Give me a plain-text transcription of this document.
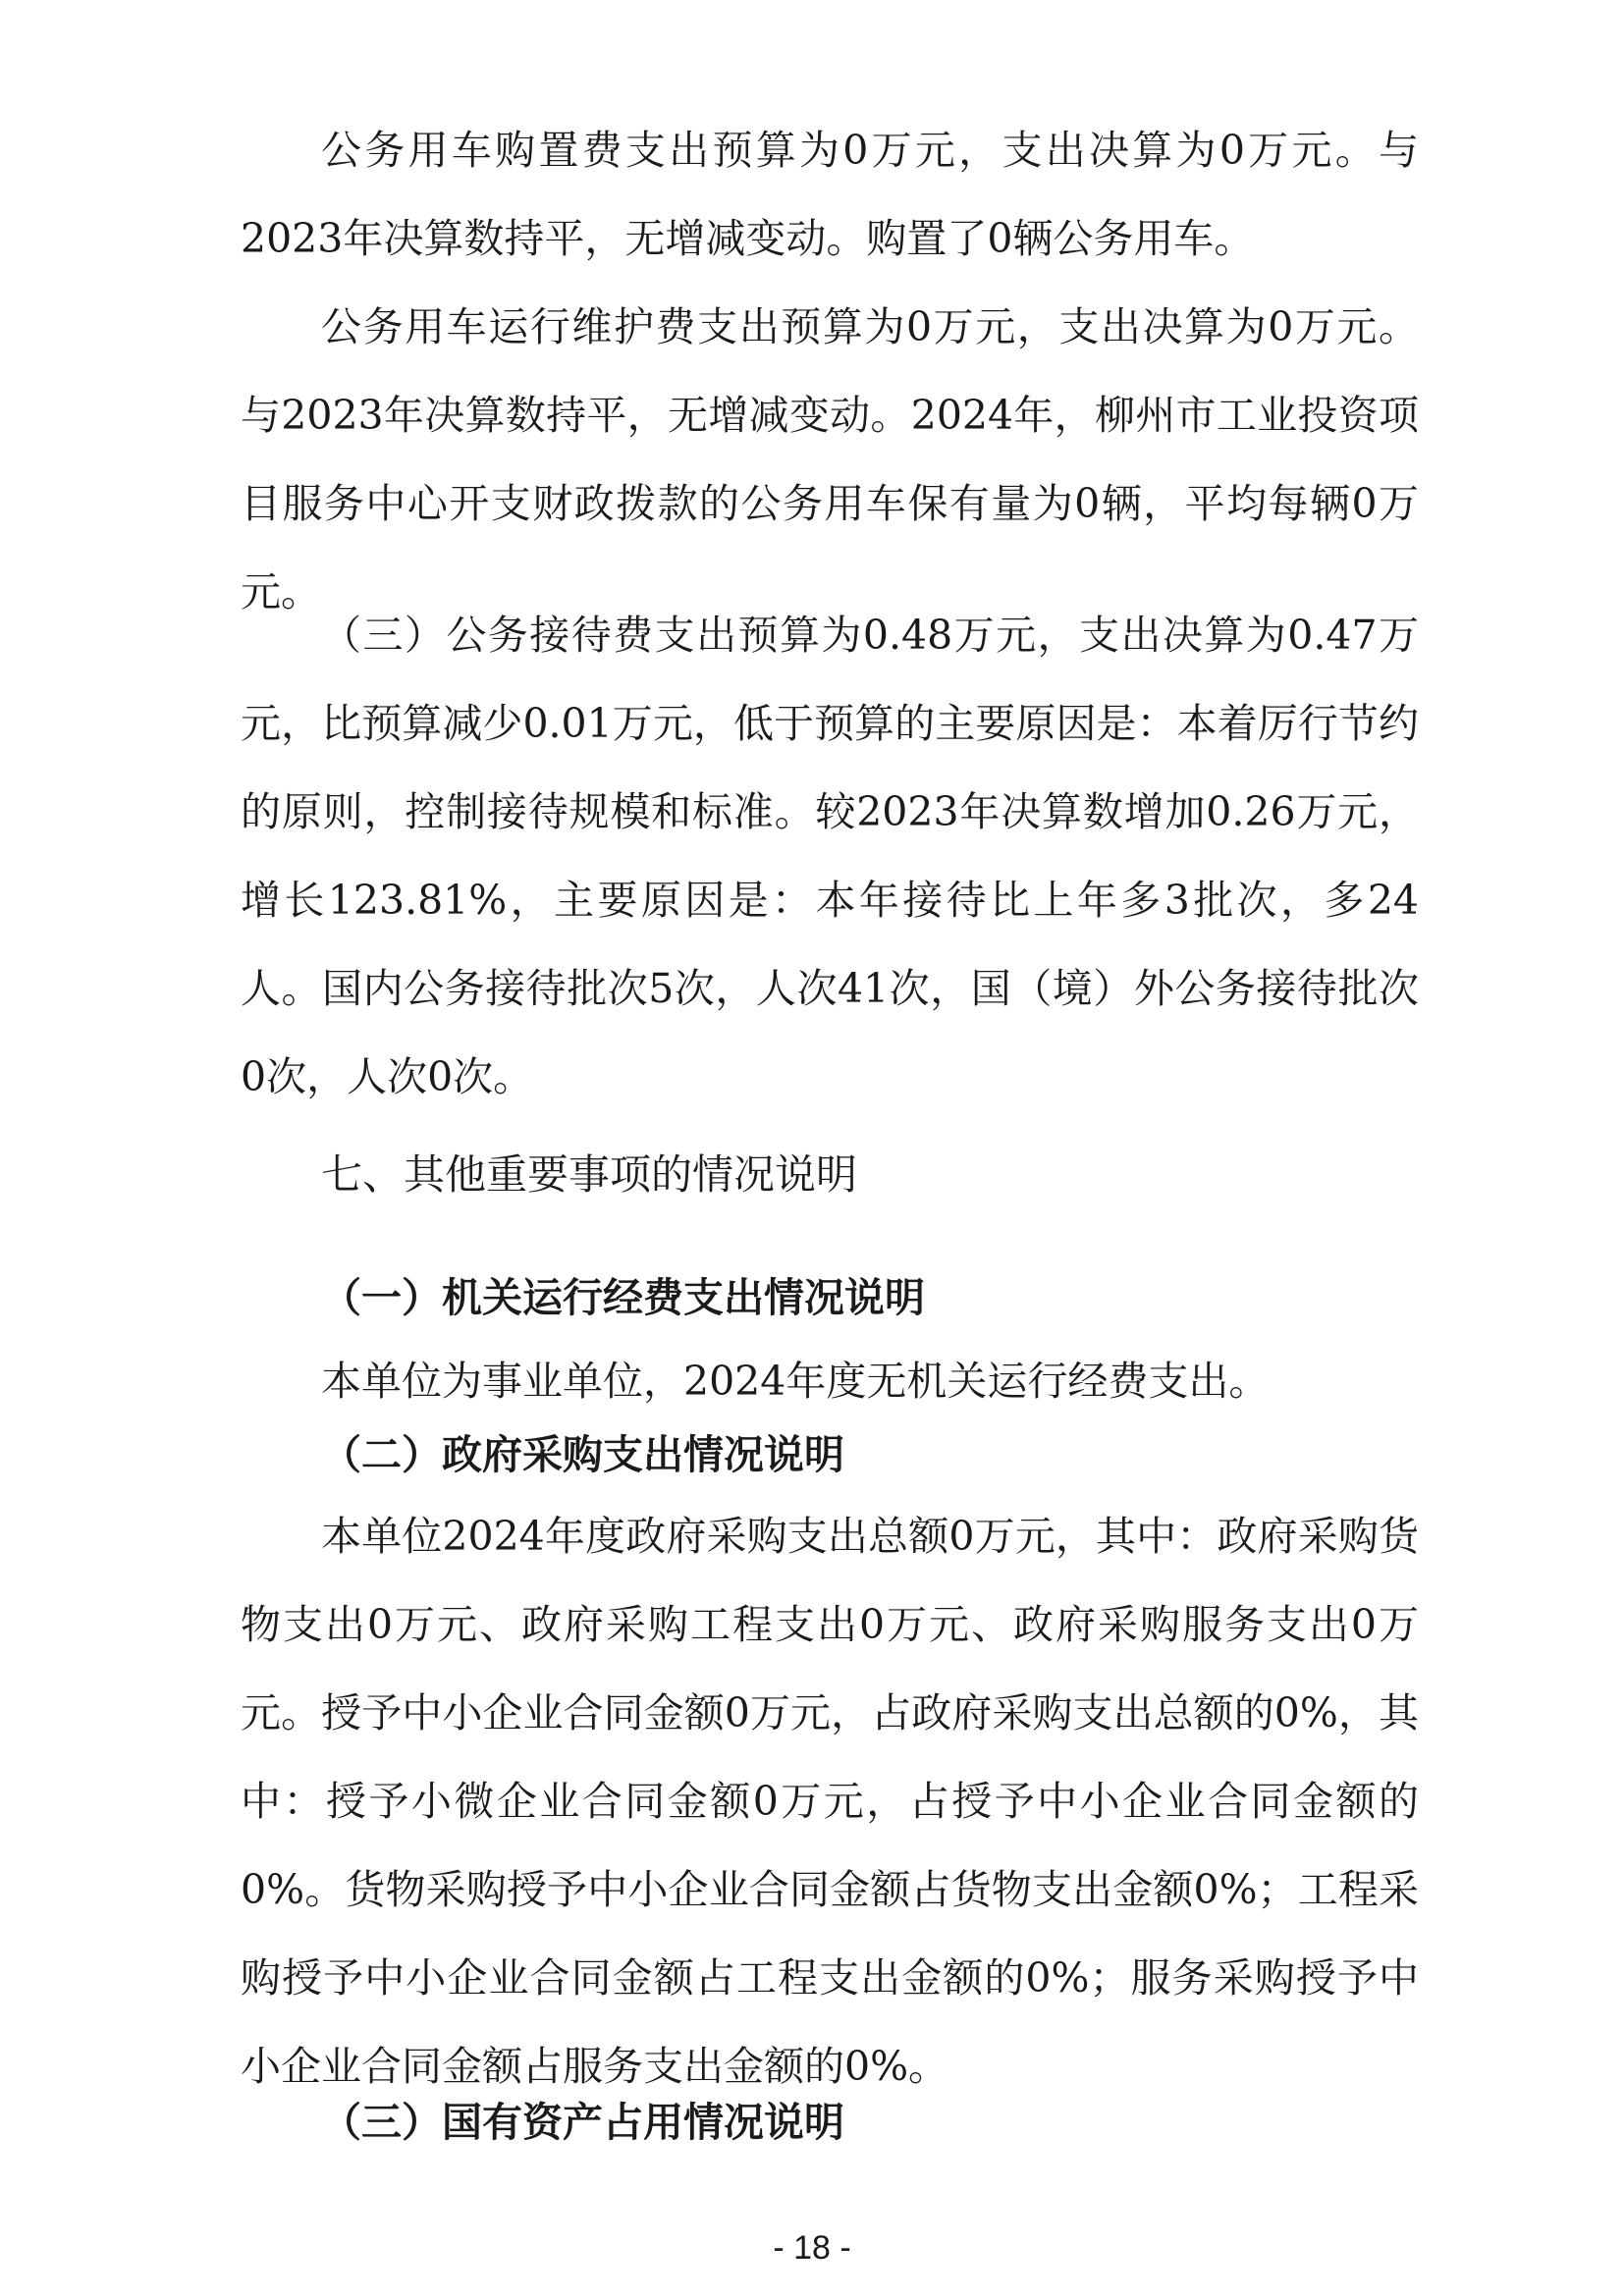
公务用车购置费支出预算为0万元，支出决算为0万元。与2023年决算数持平，无增减变动。购置了0辆公务用车。

公务用车运行维护费支出预算为0万元，支出决算为0万元。与2023年决算数持平，无增减变动。2024年，柳州市工业投资项目服务中心开支财政拨款的公务用车保有量为0辆，平均每辆0万元。

（三）公务接待费支出预算为0.48万元，支出决算为0.47万元，比预算减少0.01万元，低于预算的主要原因是：本着厉行节约的原则，控制接待规模和标准。较2023年决算数增加0.26万元，增长123.81%，主要原因是：本年接待比上年多3批次，多24人。国内公务接待批次5次，人次41次，国（境）外公务接待批次0次，人次0次。

七、其他重要事项的情况说明
（一）机关运行经费支出情况说明

本单位为事业单位，2024年度无机关运行经费支出。

（二）政府采购支出情况说明

本单位2024年度政府采购支出总额0万元，其中：政府采购货物支出0万元、政府采购工程支出0万元、政府采购服务支出0万元。授予中小企业合同金额0万元，占政府采购支出总额的0%，其中：授予小微企业合同金额0万元，占授予中小企业合同金额的0%。货物采购授予中小企业合同金额占货物支出金额0%；工程采购授予中小企业合同金额占工程支出金额的0%；服务采购授予中小企业合同金额占服务支出金额的0%。

（三）国有资产占用情况说明
- 18 -
